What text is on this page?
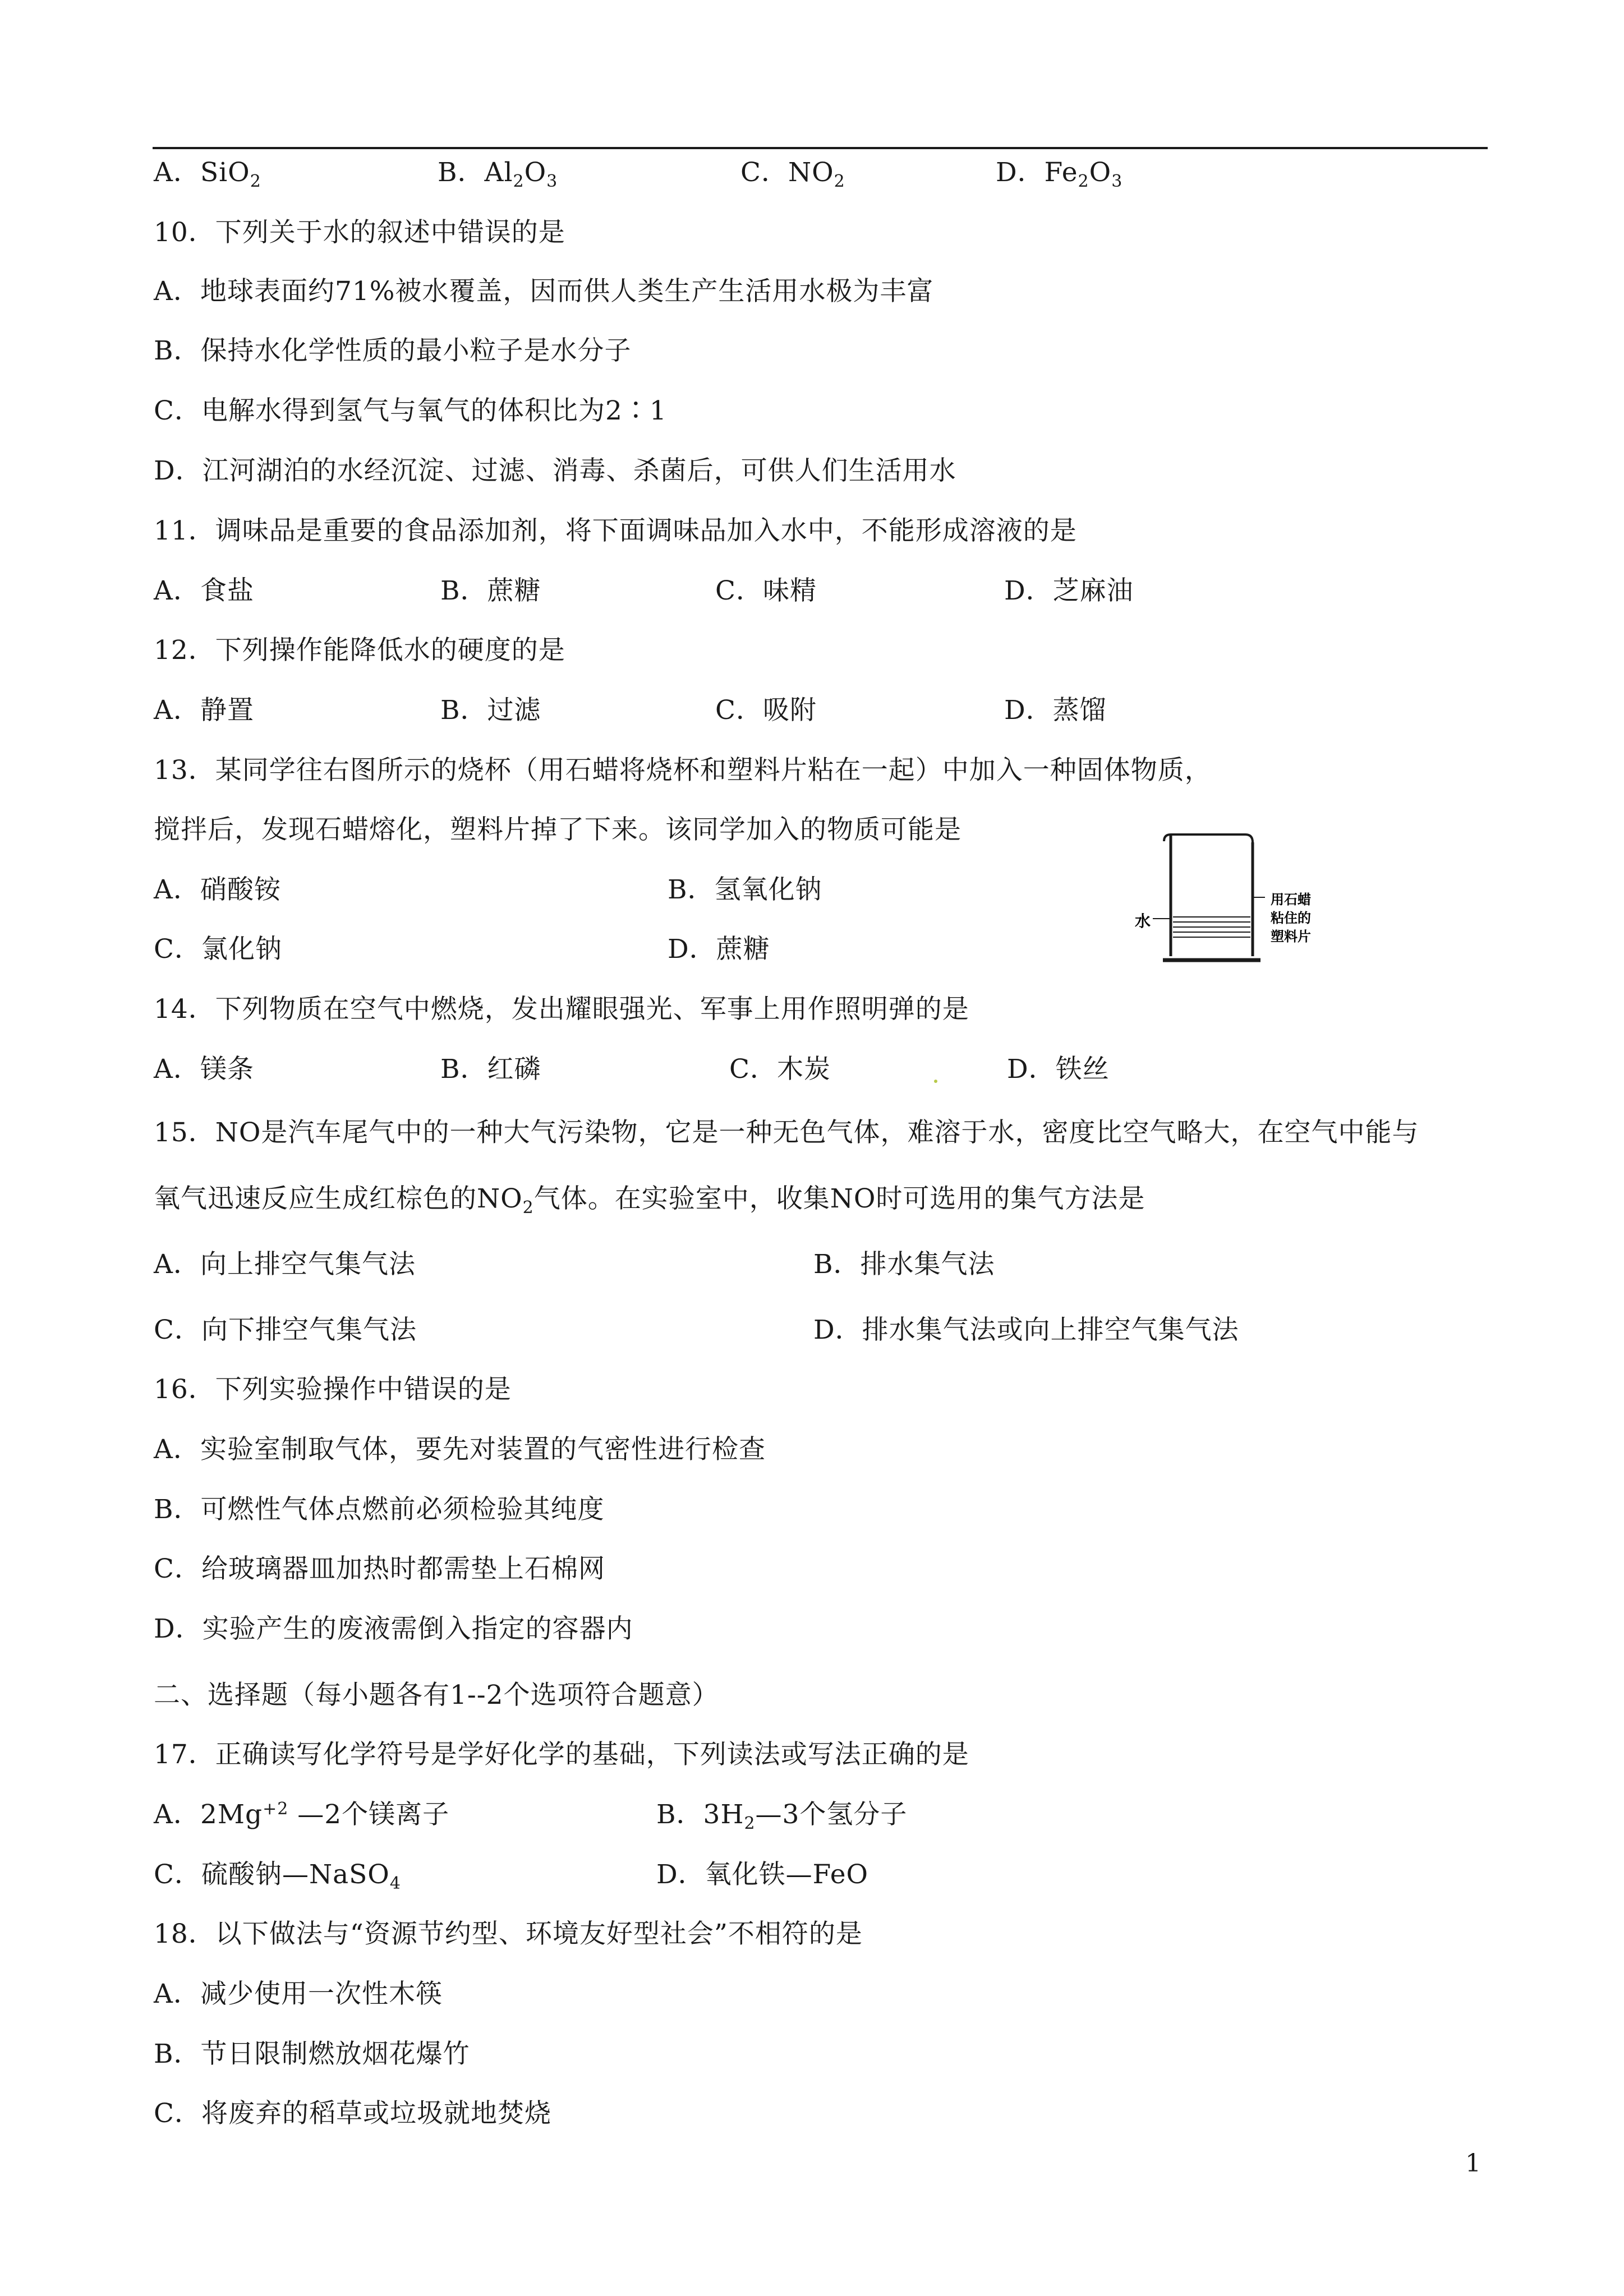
A．SiO$_2$	B．$Al_2O_3$	C．$NO_2$	D．$Fe_2O_3$
10．下列关于水的叙述中错误的是
A．地球表面约71%被水覆盖，因而供人类生产生活用水极为丰富
B．保持水化学性质的最小粒子是水分子
C．电解水得到氢气与氧气的体积比为2∶1
D．江河湖泊的水经沉淀、过滤、消毒、杀菌后，可供人们生活用水
11．调味品是重要的食品添加剂，将下面调味品加入水中，不能形成溶液的是
A．食盐	B．蔗糖	C．味精	D．芝麻油
12．下列操作能降低水的硬度的是
A．静置	B．过滤	C．吸附	D．蒸馏
13．某同学往右图所示的烧杯（用石蜡将烧杯和塑料片粘在一起）中加入一种固体物质，
搅拌后，发现石蜡熔化，塑料片掉了下来。该同学加入的物质可能是
A．硝酸铵	B．氢氧化钠
C．氯化钠	D．蔗糖
水
用石蜡
粘住的
塑料片
14．下列物质在空气中燃烧，发出耀眼强光、军事上用作照明弹的是
A．镁条	B．红磷	C．木炭	D．铁丝
15．NO是汽车尾气中的一种大气污染物，它是一种无色气体，难溶于水，密度比空气略大，在空气中能与
氧气迅速反应生成红棕色的$NO_2$气体。在实验室中，收集NO时可选用的集气方法是
A．向上排空气集气法	B．排水集气法
C．向下排空气集气法	D．排水集气法或向上排空气集气法
16．下列实验操作中错误的是
A．实验室制取气体，要先对装置的气密性进行检查
B．可燃性气体点燃前必须检验其纯度
C．给玻璃器皿加热时都需垫上石棉网
D．实验产生的废液需倒入指定的容器内
二、选择题（每小题各有1--2个选项符合题意）
17．正确读写化学符号是学好化学的基础，下列读法或写法正确的是
A．$2Mg^{+2}$ —2个镁离子	B．$3H_2—3$个氢分子
C．硫酸钠—NaSO$_4$	D．氧化铁—FeO
18．以下做法与“资源节约型、环境友好型社会”不相符的是
A．减少使用一次性木筷
B．节日限制燃放烟花爆竹
C．将废弃的稻草或垃圾就地焚烧
1
